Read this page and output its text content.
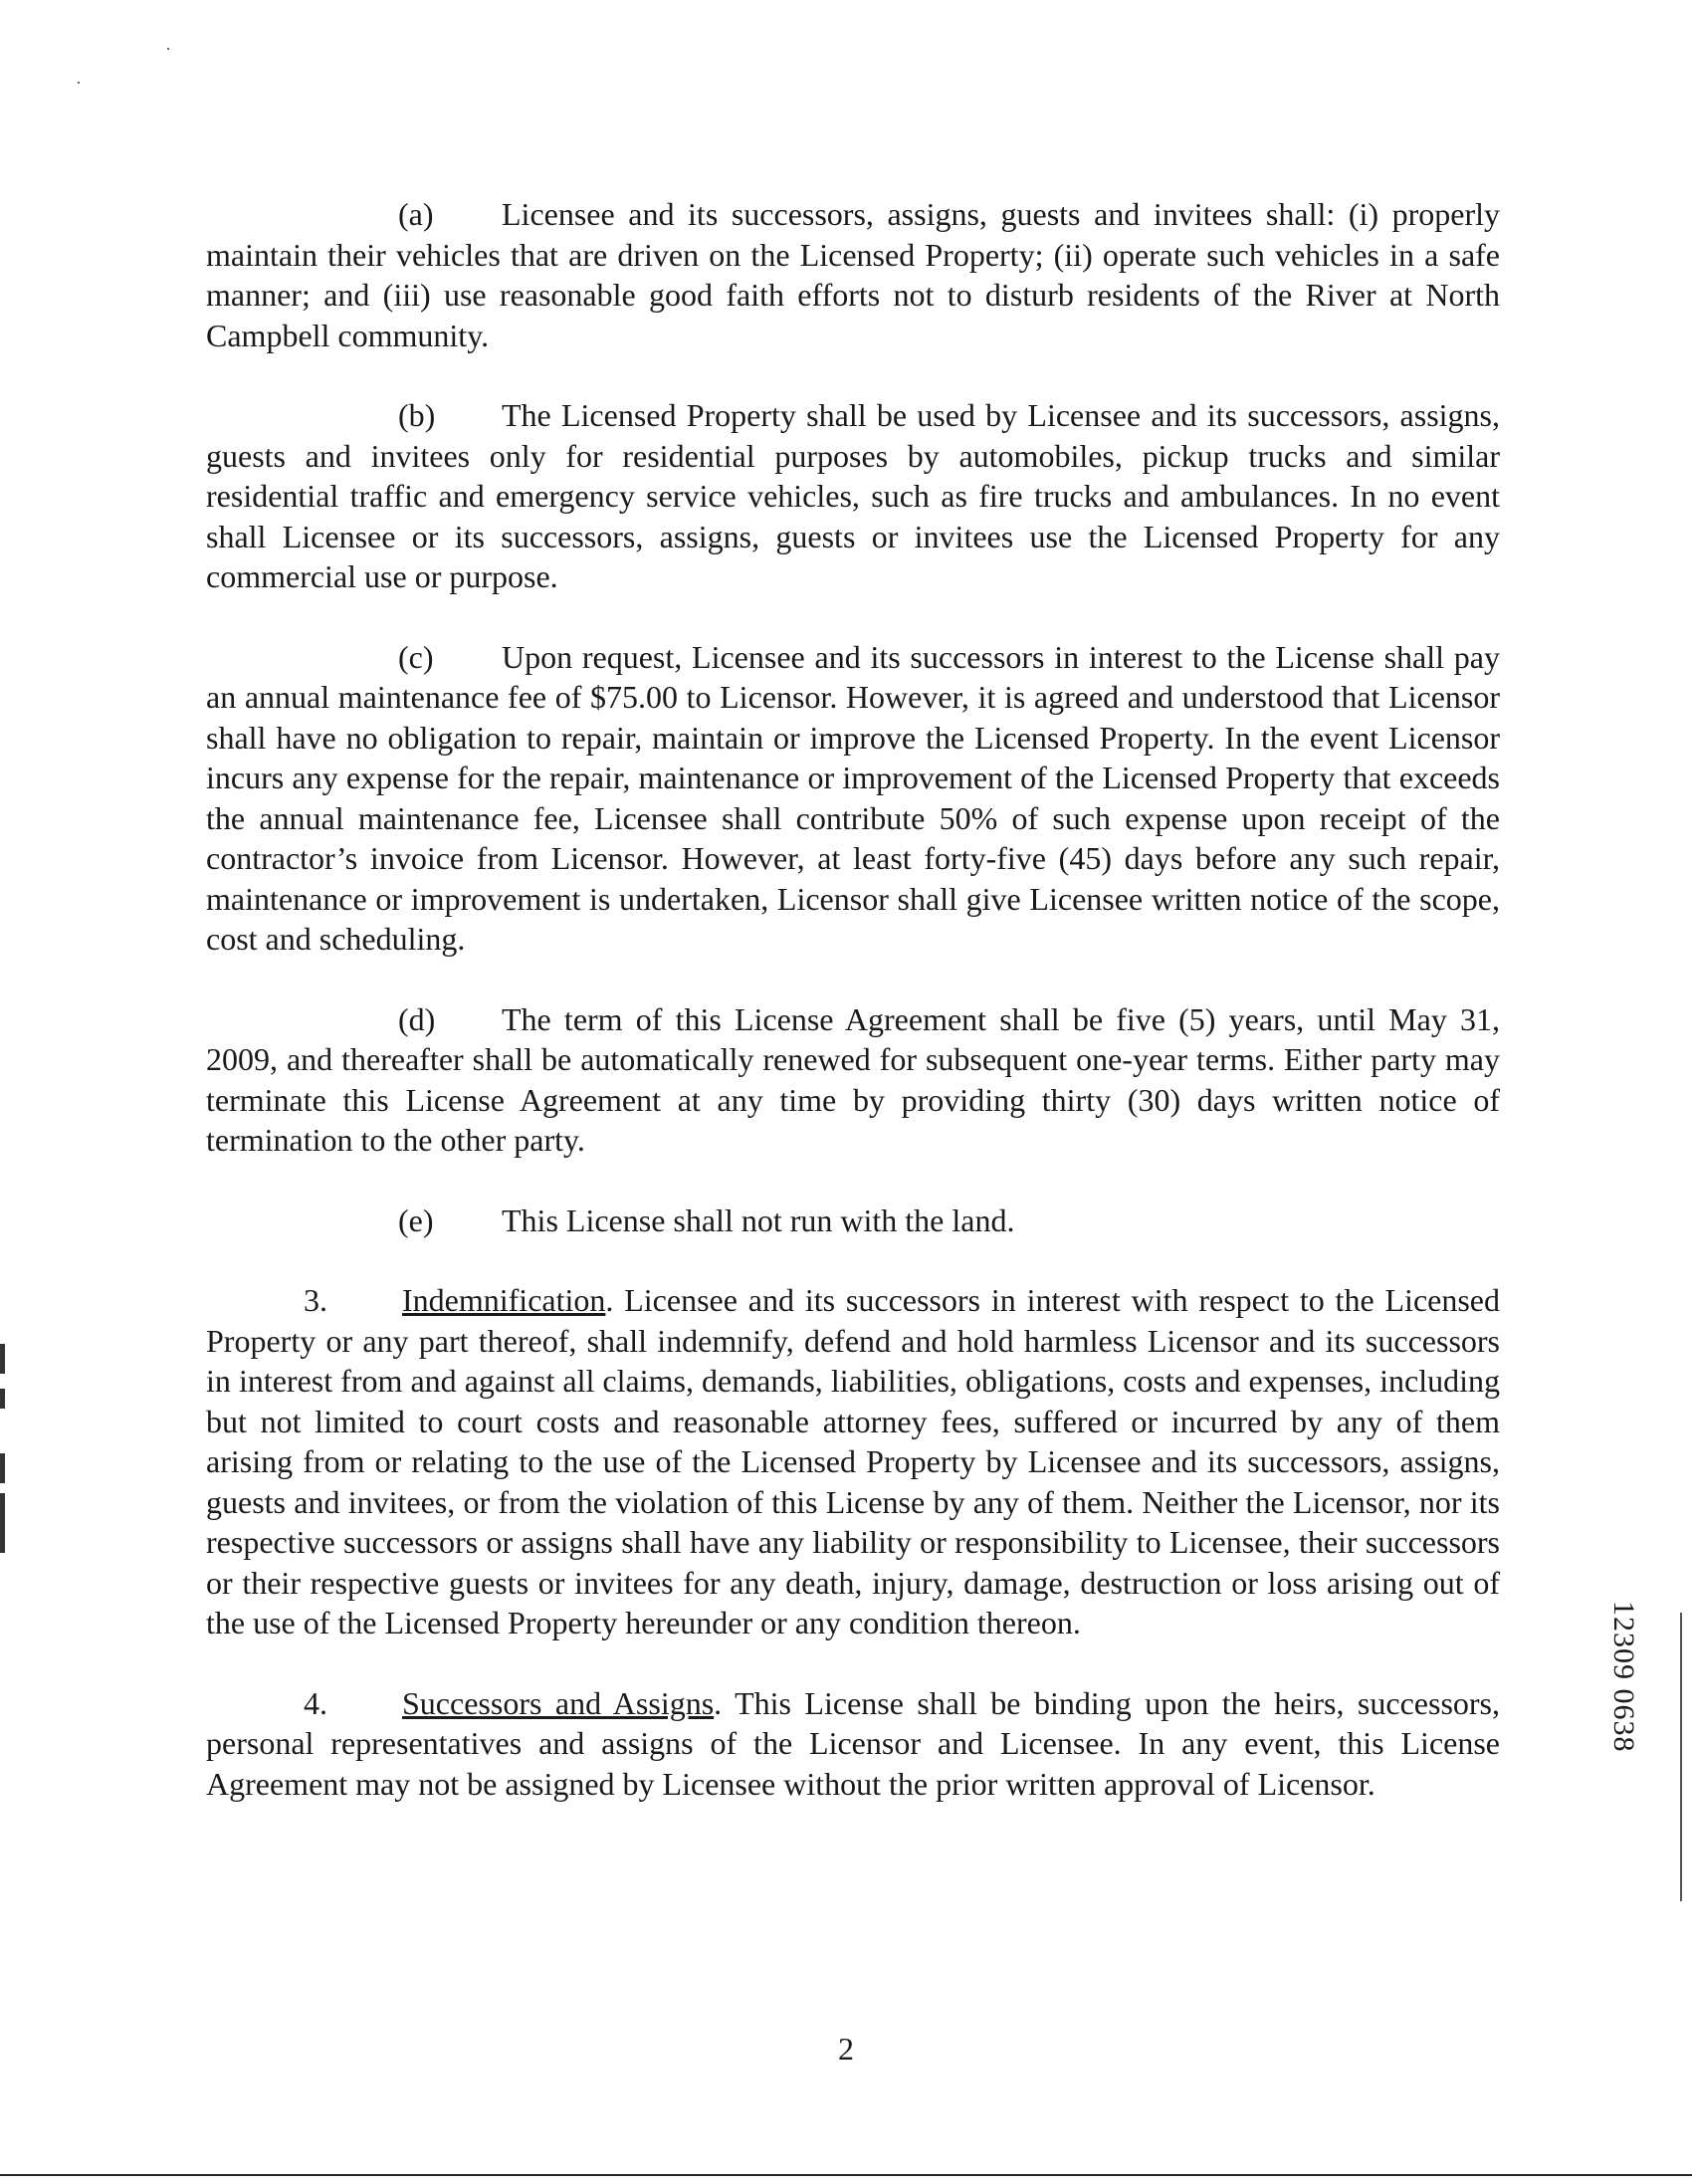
(a) Licensee and its successors, assigns, guests and invitees shall: (i) properly maintain their vehicles that are driven on the Licensed Property; (ii) operate such vehicles in a safe manner; and (iii) use reasonable good faith efforts not to disturb residents of the River at North Campbell community.

(b) The Licensed Property shall be used by Licensee and its successors, assigns, guests and invitees only for residential purposes by automobiles, pickup trucks and similar residential traffic and emergency service vehicles, such as fire trucks and ambulances. In no event shall Licensee or its successors, assigns, guests or invitees use the Licensed Property for any commercial use or purpose.

(c) Upon request, Licensee and its successors in interest to the License shall pay an annual maintenance fee of $75.00 to Licensor. However, it is agreed and understood that Licensor shall have no obligation to repair, maintain or improve the Licensed Property. In the event Licensor incurs any expense for the repair, maintenance or improvement of the Licensed Property that exceeds the annual maintenance fee, Licensee shall contribute 50% of such expense upon receipt of the contractor’s invoice from Licensor. However, at least forty-five (45) days before any such repair, maintenance or improvement is undertaken, Licensor shall give Licensee written notice of the scope, cost and scheduling.

(d) The term of this License Agreement shall be five (5) years, until May 31, 2009, and thereafter shall be automatically renewed for subsequent one-year terms. Either party may terminate this License Agreement at any time by providing thirty (30) days written notice of termination to the other party.

(e) This License shall not run with the land.

3. Indemnification. Licensee and its successors in interest with respect to the Licensed Property or any part thereof, shall indemnify, defend and hold harmless Licensor and its successors in interest from and against all claims, demands, liabilities, obligations, costs and expenses, including but not limited to court costs and reasonable attorney fees, suffered or incurred by any of them arising from or relating to the use of the Licensed Property by Licensee and its successors, assigns, guests and invitees, or from the violation of this License by any of them. Neither the Licensor, nor its respective successors or assigns shall have any liability or responsibility to Licensee, their successors or their respective guests or invitees for any death, injury, damage, destruction or loss arising out of the use of the Licensed Property hereunder or any condition thereon.

4. Successors and Assigns. This License shall be binding upon the heirs, successors, personal representatives and assigns of the Licensor and Licensee. In any event, this License Agreement may not be assigned by Licensee without the prior written approval of Licensor.

2
12309 0638
